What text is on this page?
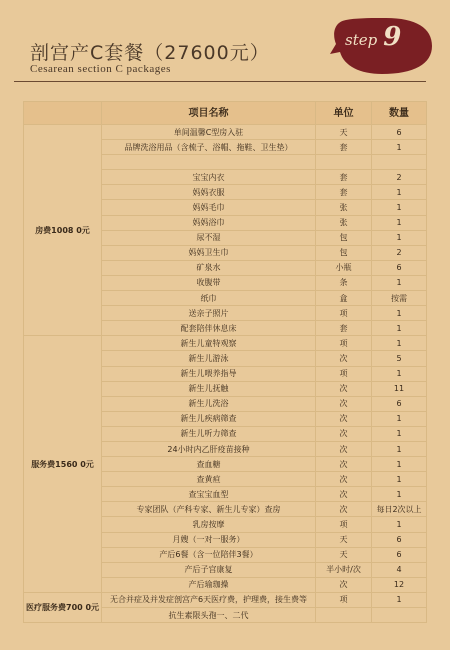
剖宫产C套餐（27600元）
Cesarean section C packages
step 9
	项目名称	单位	数量
房费1008 0元	单间温馨C型房入驻	天	6
	品牌洗浴用品（含梳子、浴帽、拖鞋、卫生垫）	套	1

	宝宝内衣	套	2
	妈妈衣服	套	1
	妈妈毛巾	张	1
	妈妈浴巾	张	1
	尿不湿	包	1
	妈妈卫生巾	包	2
	矿泉水	小瓶	6
	收腹带	条	1
	纸巾	盒	按需
	送亲子照片	项	1
	配套陪伴休息床	套	1
服务费1560 0元	新生儿童特观察	项	1
	新生儿游泳	次	5
	新生儿喂养指导	项	1
	新生儿抚触	次	11
	新生儿洗浴	次	6
	新生儿疾病筛查	次	1
	新生儿听力筛查	次	1
	24小时内乙肝疫苗接种	次	1
	查血糖	次	1
	查黄疸	次	1
	查宝宝血型	次	1
	专家团队（产科专家、新生儿专家）查房	次	每日2次以上
	乳房按摩	项	1
	月嫂（一对一服务）	天	6
	产后6餐（含一位陪伴3餐）	天	6
	产后子宫康复	半小时/次	4
	产后瑜珈操	次	12
医疗服务费700 0元	无合并症及并发症剖宫产6天医疗费，护理费，接生费等	项	1
	抗生素限头孢一、二代		
